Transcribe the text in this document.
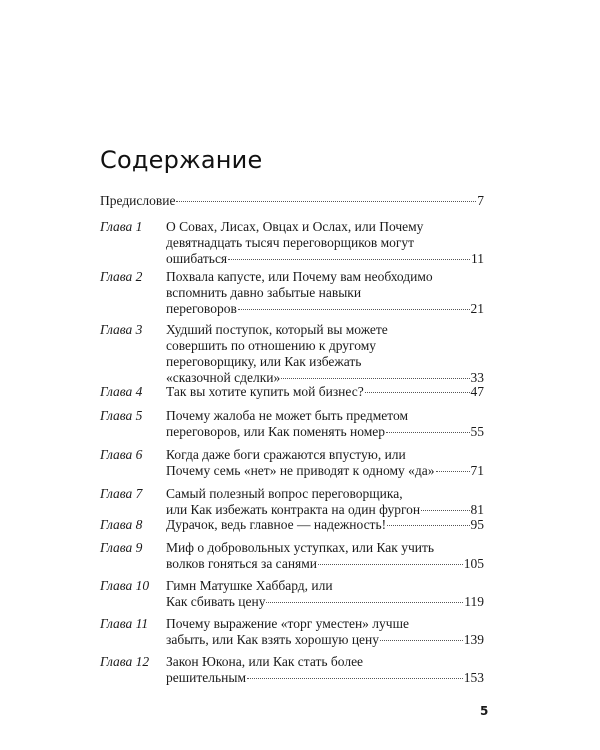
Содержание
Предисловие	7
Глава 1	О Совах, Лисах, Овцах и Ослах, или Почему
девятнадцать тысяч переговорщиков могут
ошибаться	11
Глава 2	Похвала капусте, или Почему вам необходимо
вспомнить давно забытые навыки
переговоров	21
Глава 3	Худший поступок, который вы можете
совершить по отношению к другому
переговорщику, или Как избежать
«сказочной сделки»	33
Глава 4	Так вы хотите купить мой бизнес?	47
Глава 5	Почему жалоба не может быть предметом
переговоров, или Как поменять номер	55
Глава 6	Когда даже боги сражаются впустую, или
Почему семь «нет» не приводят к одному «да»	71
Глава 7	Самый полезный вопрос переговорщика,
или Как избежать контракта на один фургон	81
Глава 8	Дурачок, ведь главное — надежность!	95
Глава 9	Миф о добровольных уступках, или Как учить
волков гоняться за санями	105
Глава 10	Гимн Матушке Хаббард, или
Как сбивать цену	119
Глава 11	Почему выражение «торг уместен» лучше
забыть, или Как взять хорошую цену	139
Глава 12	Закон Юкона, или Как стать более
решительным	153
5
